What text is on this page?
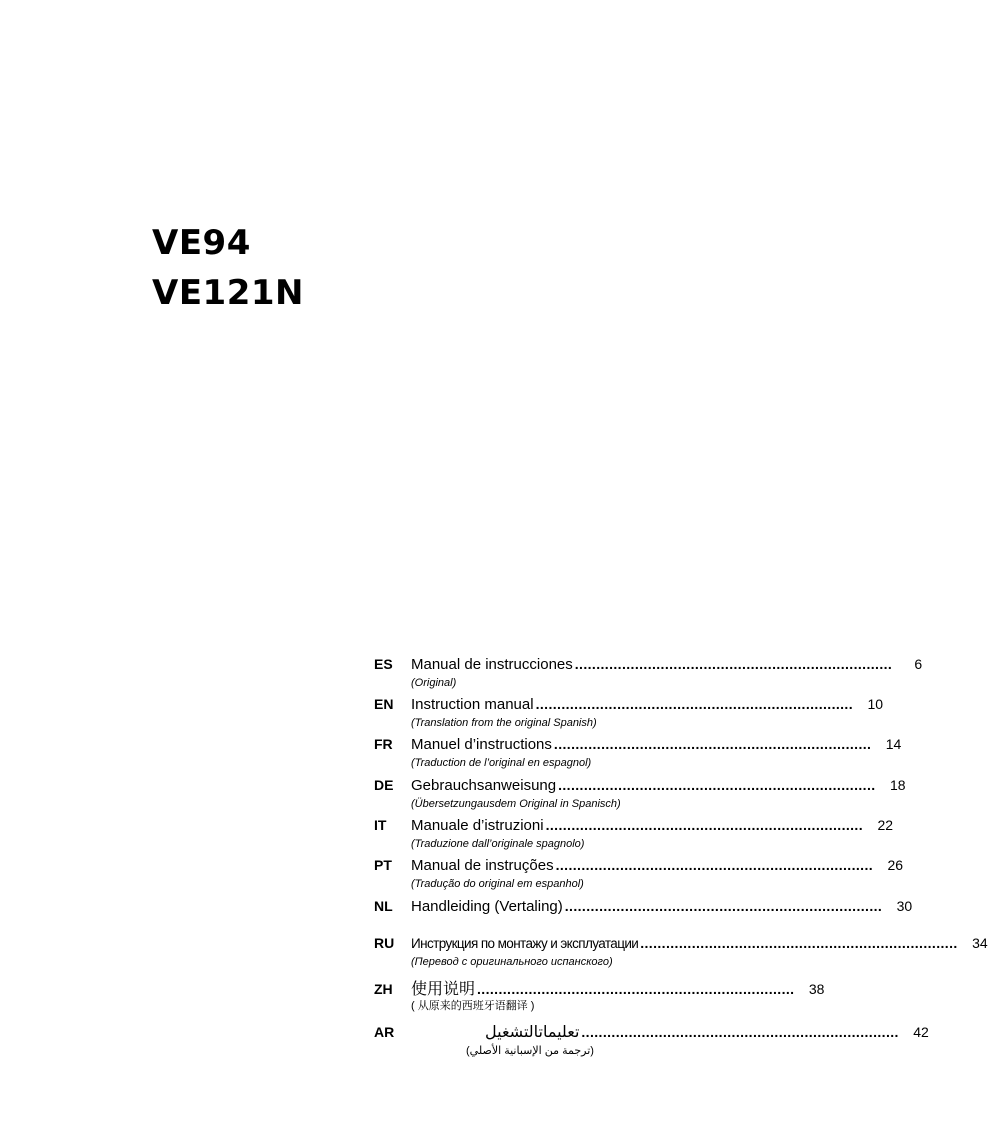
VE94
VE121N
ES	Manual de instrucciones ..........................................................................	6
(Original)
EN	Instruction manual ..........................................................................	10
(Translation from the original Spanish)
FR	Manuel d’instructions ..........................................................................	14
(Traduction de l’original en espagnol)
DE	Gebrauchsanweisung ..........................................................................	18
(Übersetzungausdem Original in Spanisch)
IT	Manuale d’istruzioni ..........................................................................	22
(Traduzione dall’originale spagnolo)
PT	Manual de instruções ..........................................................................	26
(Tradução do original em espanhol)
NL	Handleiding (Vertaling) ..........................................................................	30
RU	Инструкция по монтажу и эксплуатации ..........................................................................	34
(Перевод с оригинального испанского)
ZH	使用说明 ..........................................................................	38
( 从原来的西班牙语翻译 )
AR	تعليماتالتشغيل ..........................................................................	42
(ترجمة من الإسبانية الأصلي)
